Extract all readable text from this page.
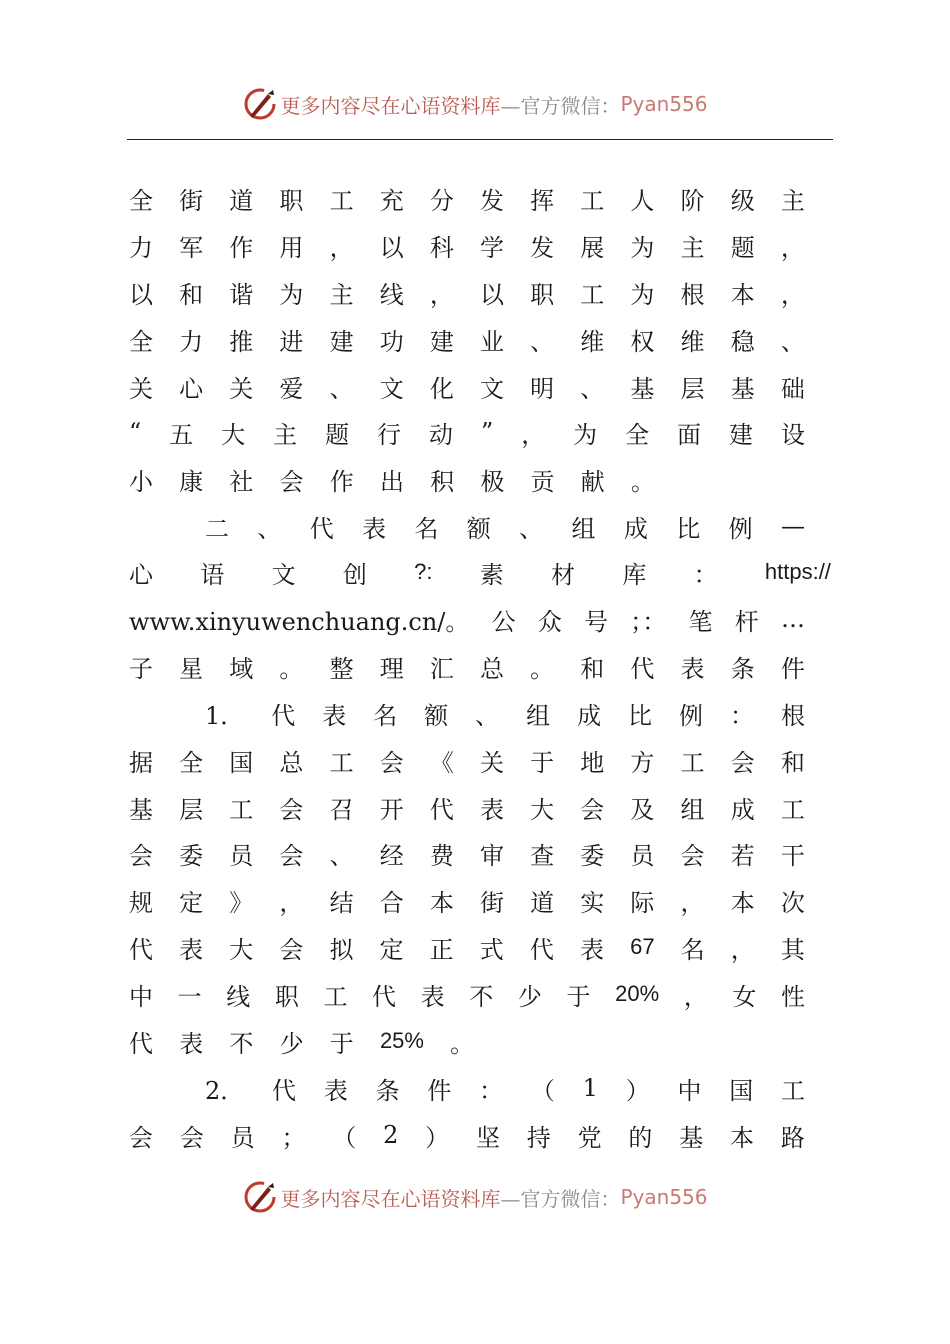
更多内容尽在心语资料库 —官方微信： Pyan556
全 街 道 职 工 充 分 发 挥 工 人 阶 级 主
力 军 作 用 ， 以 科 学 发 展 为 主 题 ，
以 和 谐 为 主 线 ， 以 职 工 为 根 本 ，
全 力 推 进 建 功 建 业 、 维 权 维 稳 、
关 心 关 爱 、 文 化 文 明 、 基 层 基 础
“ 五 大 主 题 行 动 ” ， 为 全 面 建 设
小	康	社	会	作	出	积	极	贡	献	。
二 、 代 表 名 额 、 组 成 比 例 —
心 语 文 创 ?: 素 材 库 ： https://
www.xinyuwenchuang.cn/。 公 众 号 ；： 笔 杆 …
子 星 域 。 整 理 汇 总 。 和 代 表 条 件
1． 代 表 名 额 、 组 成 比 例 ： 根
据 全 国 总 工 会 《 关 于 地 方 工 会 和
基 层 工 会 召 开 代 表 大 会 及 组 成 工
会 委 员 会 、 经 费 审 查 委 员 会 若 干
规 定 》 ， 结 合 本 街 道 实 际 ， 本 次
代 表 大 会 拟 定 正 式 代 表 67 名 ， 其
中 一 线 职 工 代 表 不 少 于 20% ， 女 性
代	表	不	少	于	25% 。
2． 代 表 条 件 ： （ 1 ） 中 国 工
会 会 员 ； （ 2 ） 坚 持 党 的 基 本 路
更多内容尽在心语资料库 —官方微信： Pyan556
